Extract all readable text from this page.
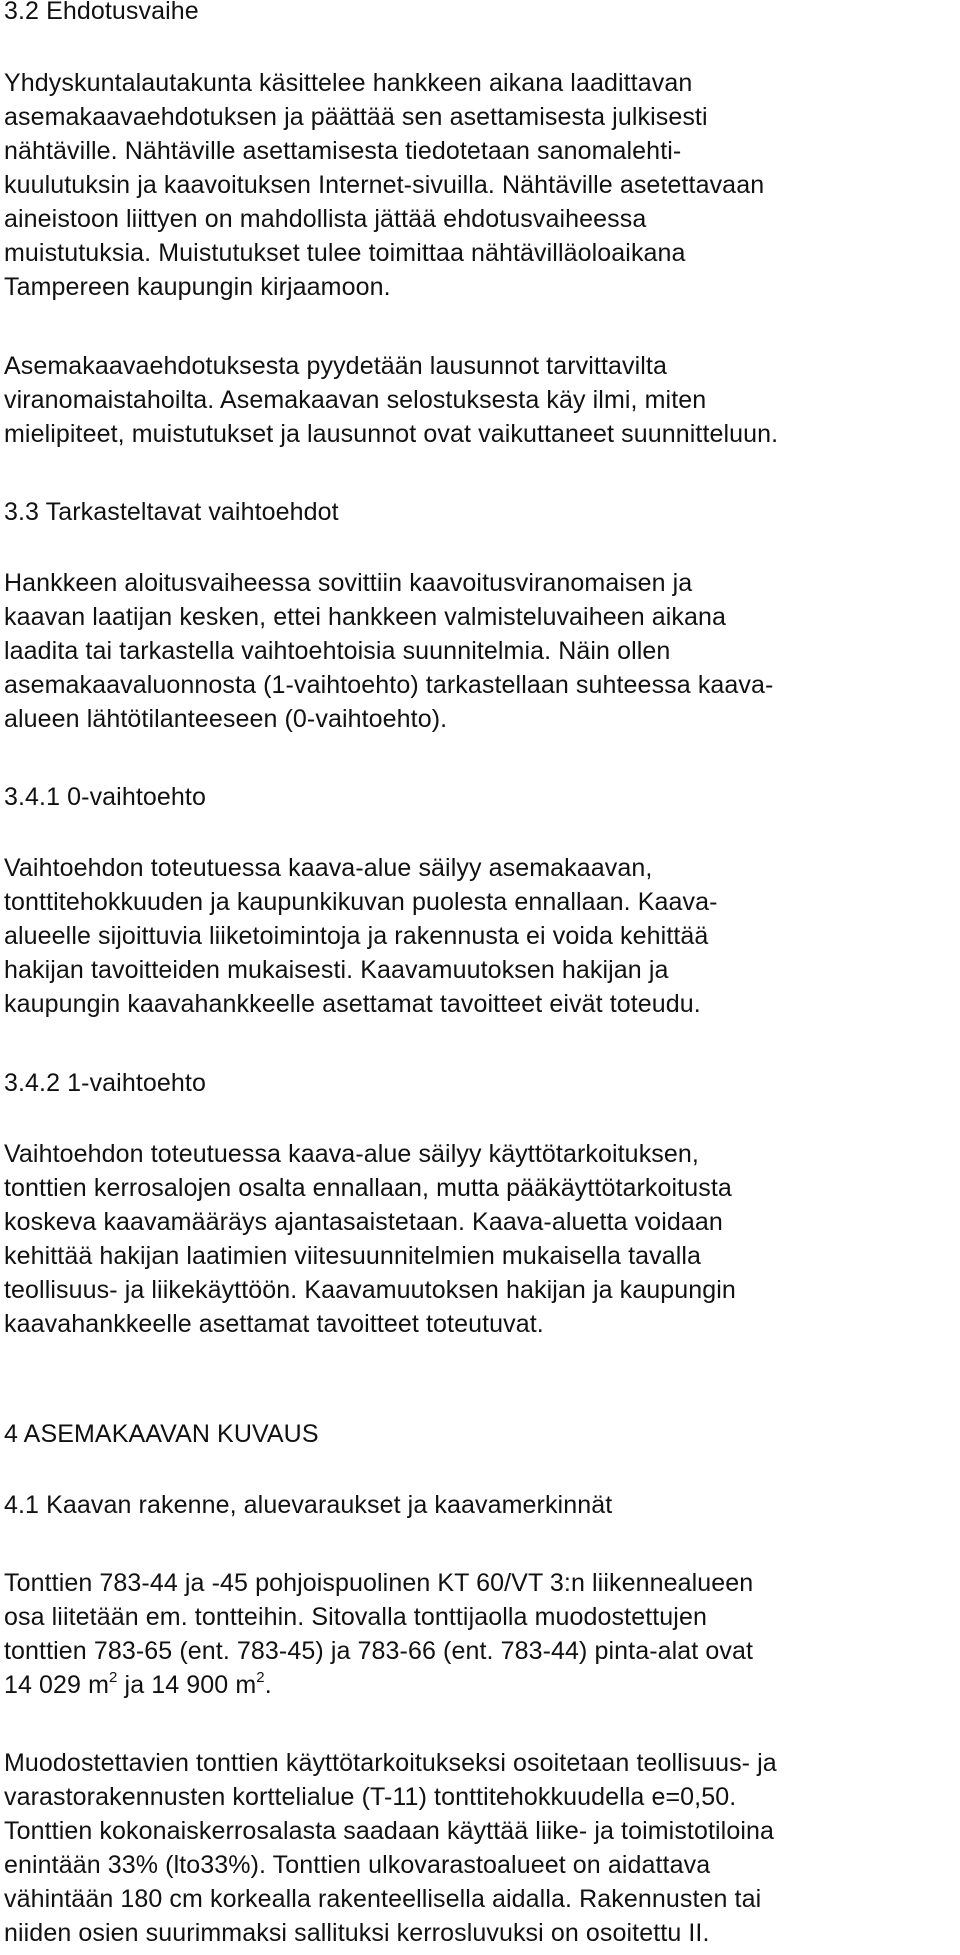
3.2 Ehdotusvaihe
Yhdyskuntalautakunta käsittelee hankkeen aikana laadittavan
asemakaavaehdotuksen ja päättää sen asettamisesta julkisesti
nähtäville. Nähtäville asettamisesta tiedotetaan sanomalehti-
kuulutuksin ja kaavoituksen Internet-sivuilla. Nähtäville asetettavaan
aineistoon liittyen on mahdollista jättää ehdotusvaiheessa
muistutuksia. Muistutukset tulee toimittaa nähtävilläoloaikana
Tampereen kaupungin kirjaamoon.
Asemakaavaehdotuksesta pyydetään lausunnot tarvittavilta
viranomaistahoilta. Asemakaavan selostuksesta käy ilmi, miten
mielipiteet, muistutukset ja lausunnot ovat vaikuttaneet suunnitteluun.
3.3 Tarkasteltavat vaihtoehdot
Hankkeen aloitusvaiheessa sovittiin kaavoitusviranomaisen ja
kaavan laatijan kesken, ettei hankkeen valmisteluvaiheen aikana
laadita tai tarkastella vaihtoehtoisia suunnitelmia. Näin ollen
asemakaavaluonnosta (1-vaihtoehto) tarkastellaan suhteessa kaava-
alueen lähtötilanteeseen (0-vaihtoehto).
3.4.1 0-vaihtoehto
Vaihtoehdon toteutuessa kaava-alue säilyy asemakaavan,
tonttitehokkuuden ja kaupunkikuvan puolesta ennallaan. Kaava-
alueelle sijoittuvia liiketoimintoja ja rakennusta ei voida kehittää
hakijan tavoitteiden mukaisesti. Kaavamuutoksen hakijan ja
kaupungin kaavahankkeelle asettamat tavoitteet eivät toteudu.
3.4.2 1-vaihtoehto
Vaihtoehdon toteutuessa kaava-alue säilyy käyttötarkoituksen,
tonttien kerrosalojen osalta ennallaan, mutta pääkäyttötarkoitusta
koskeva kaavamääräys ajantasaistetaan. Kaava-aluetta voidaan
kehittää hakijan laatimien viitesuunnitelmien mukaisella tavalla
teollisuus- ja liikekäyttöön. Kaavamuutoksen hakijan ja kaupungin
kaavahankkeelle asettamat tavoitteet toteutuvat.
4 ASEMAKAAVAN KUVAUS
4.1 Kaavan rakenne, aluevaraukset ja kaavamerkinnät
Tonttien 783-44 ja -45 pohjoispuolinen KT 60/VT 3:n liikennealueen
osa liitetään em. tontteihin. Sitovalla tonttijaolla muodostettujen
tonttien 783-65 (ent. 783-45) ja 783-66 (ent. 783-44) pinta-alat ovat
14 029 $m^2$ ja 14 900 $m^2$.
Muodostettavien tonttien käyttötarkoitukseksi osoitetaan teollisuus- ja
varastorakennusten korttelialue (T-11) tonttitehokkuudella e=0,50.
Tonttien kokonaiskerrosalasta saadaan käyttää liike- ja toimistotiloina
enintään 33% (lto33%). Tonttien ulkovarastoalueet on aidattava
vähintään 180 cm korkealla rakenteellisella aidalla. Rakennusten tai
niiden osien suurimmaksi sallituksi kerrosluvuksi on osoitettu II.
